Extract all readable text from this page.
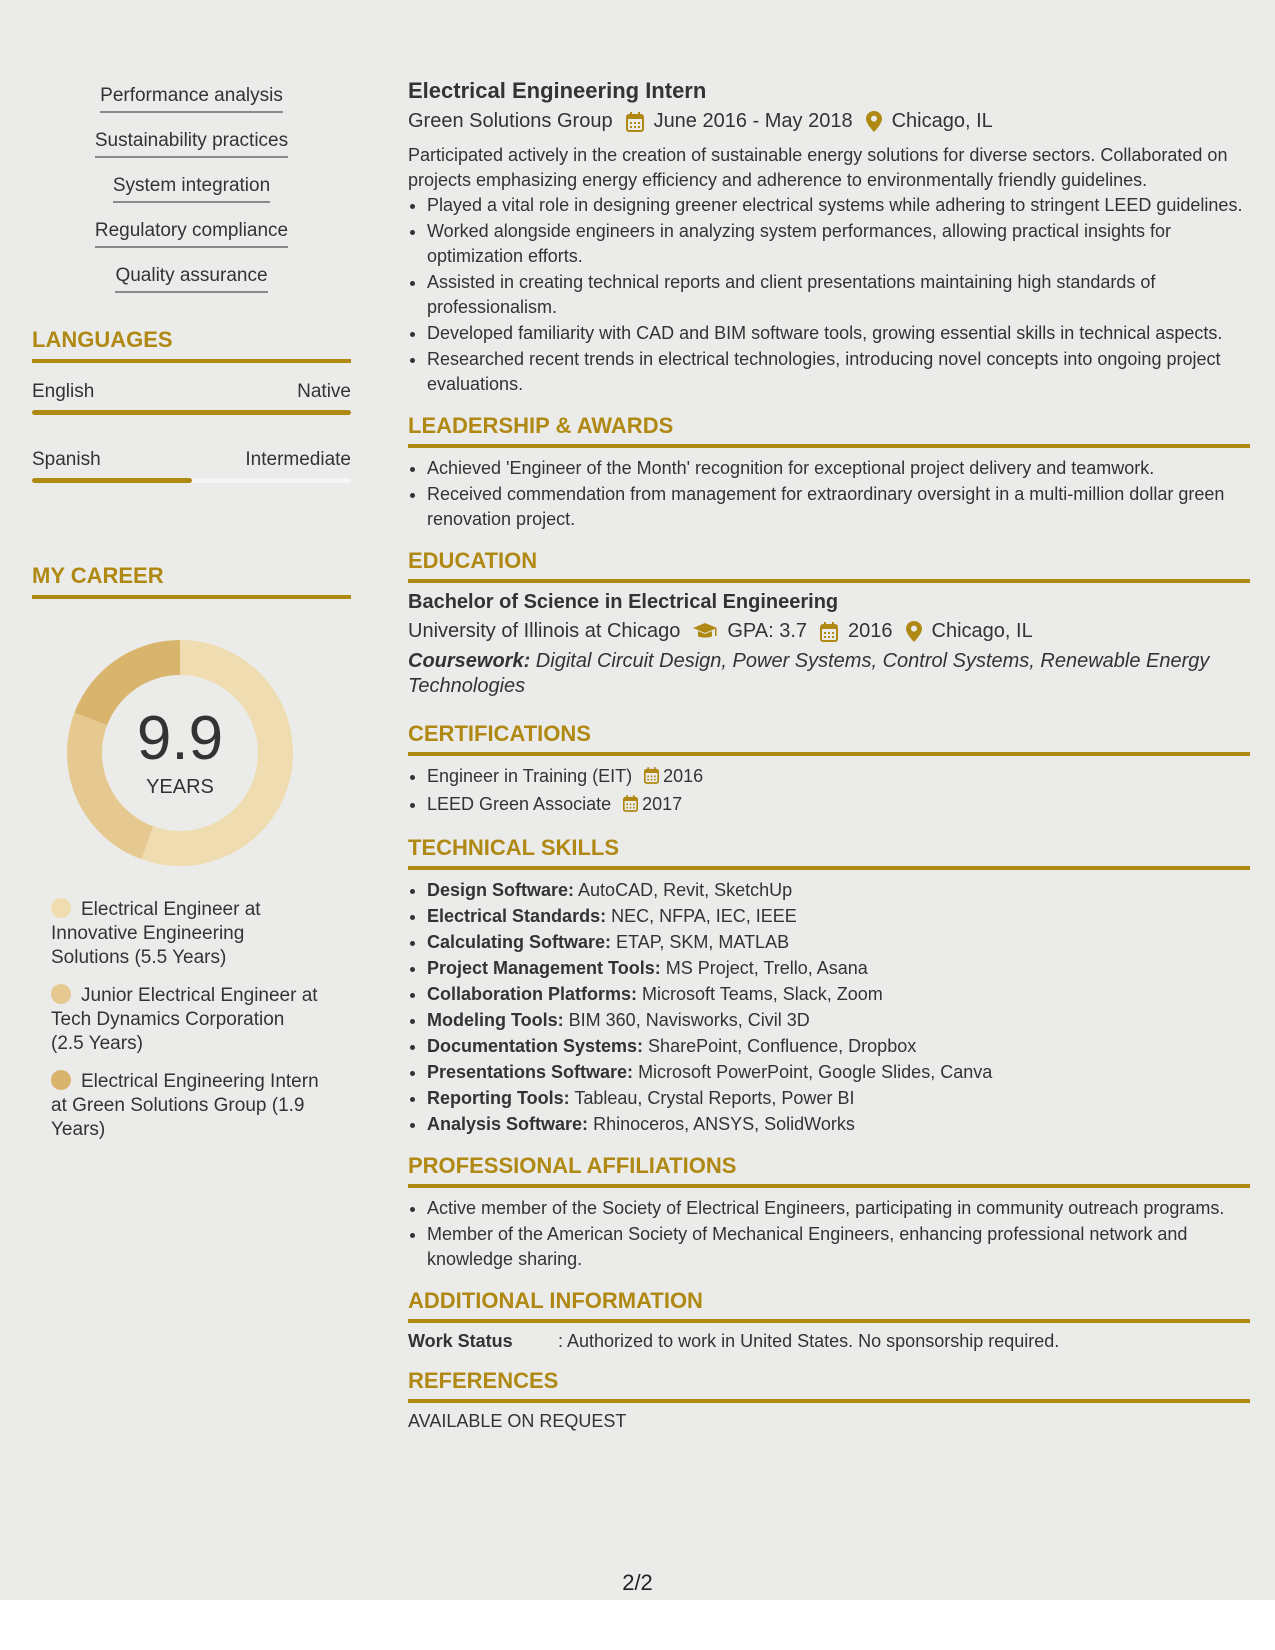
Performance analysis
Sustainability practices
System integration
Regulatory compliance
Quality assurance
LANGUAGES
English	Native
Spanish	Intermediate
MY CAREER
9.9
YEARS
Electrical Engineer at Innovative Engineering Solutions (5.5 Years)
Junior Electrical Engineer at Tech Dynamics Corporation (2.5 Years)
Electrical Engineering Intern at Green Solutions Group (1.9 Years)
Electrical Engineering Intern
Green Solutions Group June 2016 - May 2018 Chicago, IL
Participated actively in the creation of sustainable energy solutions for diverse sectors. Collaborated on projects emphasizing energy efficiency and adherence to environmentally friendly guidelines.
• Played a vital role in designing greener electrical systems while adhering to stringent LEED guidelines.
• Worked alongside engineers in analyzing system performances, allowing practical insights for optimization efforts.
• Assisted in creating technical reports and client presentations maintaining high standards of professionalism.
• Developed familiarity with CAD and BIM software tools, growing essential skills in technical aspects.
• Researched recent trends in electrical technologies, introducing novel concepts into ongoing project evaluations.
LEADERSHIP & AWARDS
• Achieved 'Engineer of the Month' recognition for exceptional project delivery and teamwork.
• Received commendation from management for extraordinary oversight in a multi-million dollar green renovation project.
EDUCATION
Bachelor of Science in Electrical Engineering
University of Illinois at Chicago GPA: 3.7 2016 Chicago, IL
Coursework: Digital Circuit Design, Power Systems, Control Systems, Renewable Energy Technologies
CERTIFICATIONS
• Engineer in Training (EIT) 2016
• LEED Green Associate 2017
TECHNICAL SKILLS
• Design Software: AutoCAD, Revit, SketchUp
• Electrical Standards: NEC, NFPA, IEC, IEEE
• Calculating Software: ETAP, SKM, MATLAB
• Project Management Tools: MS Project, Trello, Asana
• Collaboration Platforms: Microsoft Teams, Slack, Zoom
• Modeling Tools: BIM 360, Navisworks, Civil 3D
• Documentation Systems: SharePoint, Confluence, Dropbox
• Presentations Software: Microsoft PowerPoint, Google Slides, Canva
• Reporting Tools: Tableau, Crystal Reports, Power BI
• Analysis Software: Rhinoceros, ANSYS, SolidWorks
PROFESSIONAL AFFILIATIONS
• Active member of the Society of Electrical Engineers, participating in community outreach programs.
• Member of the American Society of Mechanical Engineers, enhancing professional network and knowledge sharing.
ADDITIONAL INFORMATION
Work Status	: Authorized to work in United States. No sponsorship required.
REFERENCES
AVAILABLE ON REQUEST
2/2
